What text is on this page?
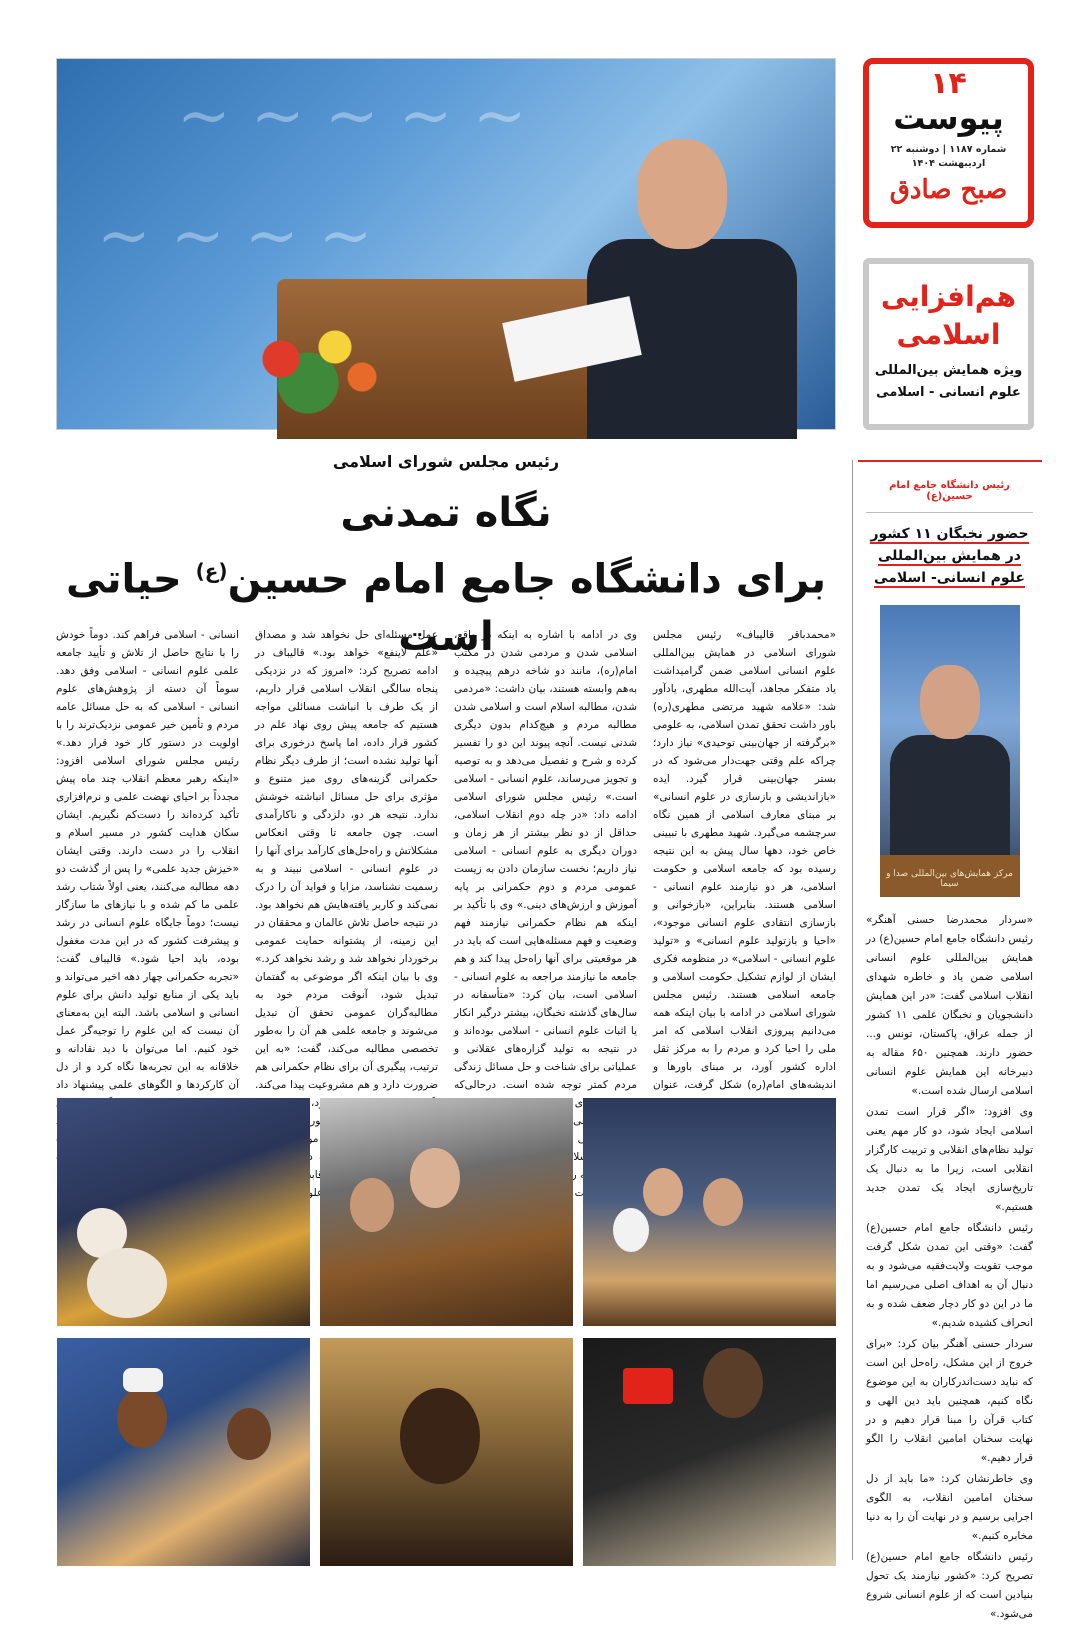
~ ~ ~ ~ ~
~ ~ ~ ~
۱۴
پیوست
شماره ۱۱۸۷ | دوشنبه ۲۲ اردیبهشت ۱۴۰۴
صبح صادق
هم‌افزایی
اسلامی
ویژه همایش بین‌المللی
علوم انسانی - اسلامی
رئیس دانشگاه جامع امام حسین(ع)
حضور نخبگان ۱۱ کشور
در همایش بین‌المللی
علوم انسانی- اسلامی
مرکز همایش‌های بین‌المللی صدا و سیما

«سردار محمدرضا حسنی آهنگر» رئیس دانشگاه جامع امام حسین(ع) در همایش بین‌المللی علوم انسانی اسلامی ضمن یاد و خاطره شهدای انقلاب اسلامی گفت: «در این همایش دانشجویان و نخبگان علمی ۱۱ کشور از جمله عراق، پاکستان، تونس و... حضور دارند. همچنین ۶۵۰ مقاله به دبیرخانه این همایش علوم انسانی اسلامی ارسال شده است.»

وی افزود: «اگر قرار است تمدن اسلامی ایجاد شود، دو کار مهم یعنی تولید نظام‌های انقلابی و تربیت کارگزار انقلابی است، زیرا ما به دنبال یک تاریخ‌سازی ایجاد یک تمدن جدید هستیم.»

رئیس دانشگاه جامع امام حسین(ع) گفت: «وقتی این تمدن شکل گرفت موجب تقویت ولایت‌فقیه می‌شود و به دنبال آن به اهداف اصلی می‌رسیم اما ما در این دو کار دچار ضعف شده و به انحراف کشیده شدیم.»

سردار حسنی آهنگر بیان کرد: «برای خروج از این مشکل، راه‌حل این است که نباید دست‌اندرکاران به این موضوع نگاه کنیم، همچنین باید دین الهی و کتاب قرآن را مبنا قرار دهیم و در نهایت سخنان امامین انقلاب را الگو قرار دهیم.»

وی خاطرنشان کرد: «ما باید از دل سخنان امامین انقلاب، به الگوی اجرایی برسیم و در نهایت آن را به دنیا مخابره کنیم.»

رئیس دانشگاه جامع امام حسین(ع) تصریح کرد: «کشور نیازمند یک تحول بنیادین است که از علوم انسانی شروع می‌شود.»

رئیس مجلس شورای اسلامی
نگاه تمدنی
برای دانشگاه جامع امام حسین$^{(ع)}$ حیاتی است	«محمدباقر قالیباف» رئیس مجلس شورای اسلامی در همایش بین‌المللی علوم انسانی اسلامی ضمن گرامیداشت یاد متفکر مجاهد، آیت‌الله مطهری، یادآور شد: «علامه شهید مرتضی مطهری(ره) باور داشت تحقق تمدن اسلامی، به علومی «برگرفته از جهان‌بینی توحیدی» نیاز دارد؛ چراکه علم وقتی جهت‌دار می‌شود که در بستر جهان‌بینی قرار گیرد. ایده «بازاندیشی و بازسازی در علوم انسانی» بر مبنای معارف اسلامی از همین نگاه سرچشمه می‌گیرد. شهید مطهری با تبیینی خاص خود، دهها سال پیش به این نتیجه رسیده بود که جامعه اسلامی و حکومت اسلامی، هر دو نیازمند علوم انسانی - اسلامی هستند. بنابراین، «بازخوانی و بازسازی انتقادی علوم انسانی موجود»، «احیا و بازتولید علوم انسانی» و «تولید علوم انسانی - اسلامی» در منظومه فکری ایشان از لوازم تشکیل حکومت اسلامی و جامعه اسلامی هستند. رئیس مجلس شورای اسلامی در ادامه با بیان اینکه همه می‌دانیم پیروزی انقلاب اسلامی که امر ملی را احیا کرد و مردم را به مرکز ثقل اداره کشور آورد، بر مبنای باورها و اندیشه‌های امام(ره) شکل گرفت، عنوان

وی در ادامه با اشاره به اینکه در واقع، اسلامی شدن و مردمی شدن در مکتب امام(ره)، مانند دو شاخه درهم پیچیده و به‌هم وابسته هستند، بیان داشت: «مردمی شدن، مطالبه اسلام است و اسلامی شدن مطالبه مردم و هیچ‌کدام بدون دیگری شدنی نیست. آنچه پیوند این دو را تفسیر کرده و شرح و تفصیل می‌دهد و به توصیه و تجویز می‌رساند، علوم انسانی - اسلامی است.» رئیس مجلس شورای اسلامی ادامه داد: «در چله دوم انقلاب اسلامی، حداقل از دو نظر بیشتر از هر زمان و دوران دیگری به علوم انسانی - اسلامی نیاز داریم؛ نخست سازمان دادن به زیست عمومی مردم و دوم حکمرانی بر پایه آموزش و ارزش‌های دینی.» وی با تأکید بر اینکه هم نظام حکمرانی نیازمند فهم وضعیت و فهم مسئله‌هایی است که باید در هر موقعیتی برای آنها راه‌حل پیدا کند و هم جامعه ما نیازمند مراجعه به علوم انسانی - اسلامی است، بیان کرد: «متأسفانه در سال‌های گذشته نخبگان، بیشتر درگیر انکار یا اثبات علوم انسانی - اسلامی بوده‌اند و در نتیجه به تولید گزاره‌های عقلانی و عملیاتی برای شناخت و حل مسائل زندگی مردم کمتر توجه شده است. درحالی‌که اسلامی

عمل مسئله‌ای حل نخواهد شد و مصداق «علم لاینفع» خواهد بود.» قالیباف در ادامه تصریح کرد: «امروز که در نزدیکی پنجاه سالگی انقلاب اسلامی قرار داریم، از یک طرف با انباشت مسائلی مواجه هستیم که جامعه پیش روی نهاد علم در کشور قرار داده، اما پاسخ درخوری برای آنها تولید نشده است؛ از طرف دیگر نظام حکمرانی گزینه‌های روی میز متنوع و مؤثری برای حل مسائل انباشته خوشش ندارد. نتیجه هر دو، دلزدگی و ناکارآمدی است. چون جامعه تا وقتی انعکاس مشکلاتش و راه‌حل‌های کارآمد برای آنها را در علوم انسانی - اسلامی نبیند و به رسمیت نشناسد، مزایا و فواید آن را درک نمی‌کند و کاربر یافته‌هایش هم نخواهد بود. در نتیجه حاصل تلاش عالمان و محققان در این زمینه، از پشتوانه حمایت عمومی برخوردار نخواهد شد و رشد نخواهد کرد.» وی با بیان اینکه اگر موضوعی به گفتمان تبدیل شود، آنوقت مردم خود به مطالبه‌گران عمومی تحقق آن تبدیل می‌شوند و جامعه علمی هم آن را به‌طور تخصصی مطالبه می‌کند، گفت: «به این ترتیب، پیگیری آن برای نظام حکمرانی هم ضرورت دارد و هم مشروعیت پیدا می‌کند. رقابت علوم

انسانی - اسلامی فراهم کند. دوماً خودش را با نتایج حاصل از تلاش و تأیید جامعه علمی علوم انسانی - اسلامی وفق دهد. سوماً آن دسته از پژوهش‌های علوم انسانی - اسلامی که به حل مسائل عامه مردم و تأمین خیر عمومی نزدیک‌ترند را با اولویت در دستور کار خود قرار دهد.» رئیس مجلس شورای اسلامی افزود: «اینکه رهبر معظم انقلاب چند ماه پیش مجدداً بر احیای نهضت علمی و نرم‌افزاری تأکید کرده‌اند را دست‌کم نگیریم. ایشان سکان هدایت کشور در مسیر اسلام و انقلاب را در دست دارند. وقتی ایشان «خیزش جدید علمی» را پس از گذشت دو دهه مطالبه می‌کنند، یعنی اولاً شتاب رشد علمی ما کم شده و با نیازهای ما سازگار نیست؛ دوماً جایگاه علوم انسانی در رشد و پیشرفت کشور که در این مدت مغفول بوده، باید احیا شود.» قالیباف گفت: «تجربه حکمرانی چهار دهه اخیر می‌تواند و باید یکی از منابع تولید دانش برای علوم انسانی و اسلامی باشد. البته این به‌معنای آن نیست که این علوم را توجیه‌گر عمل خود کنیم. اما می‌توان با دید نقادانه و خلاقانه به این تجربه‌ها نگاه کرد و از دل آن کارکردها و الگوهای علمی پیشنهاد داد
